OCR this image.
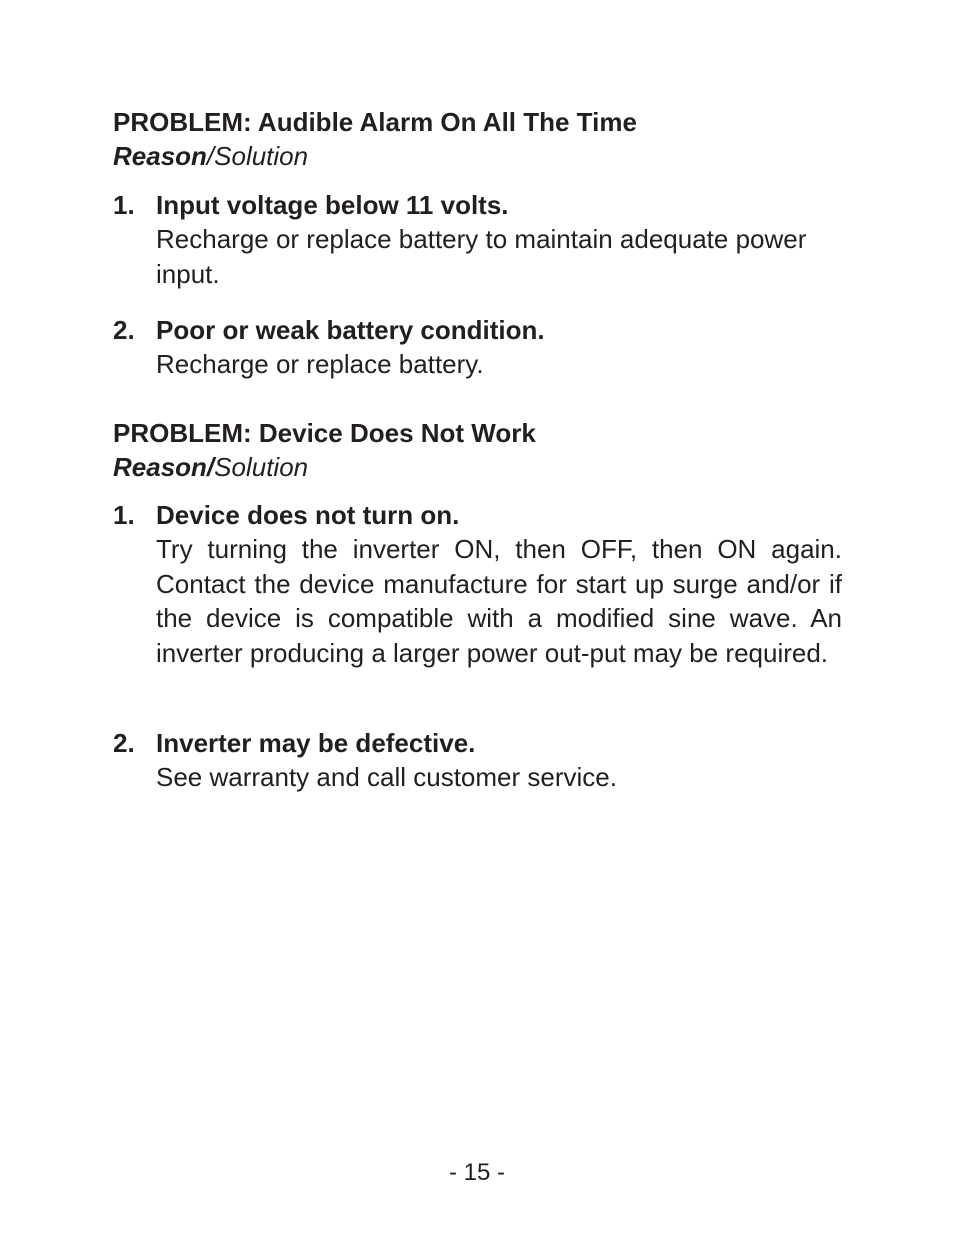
PROBLEM: Audible Alarm On All The Time

Reason/Solution

1. Input voltage below 11 volts.

Recharge or replace battery to maintain adequate power input.

2. Poor or weak battery condition.

Recharge or replace battery.

PROBLEM: Device Does Not Work

Reason/Solution

1. Device does not turn on.

Try turning the inverter ON, then OFF, then ON again. Contact the device manufacture for start up surge and/or if the device is compatible with a modified sine wave. An inverter producing a larger power out-put may be required.

2. Inverter may be defective.

See warranty and call customer service.

- 15 -
